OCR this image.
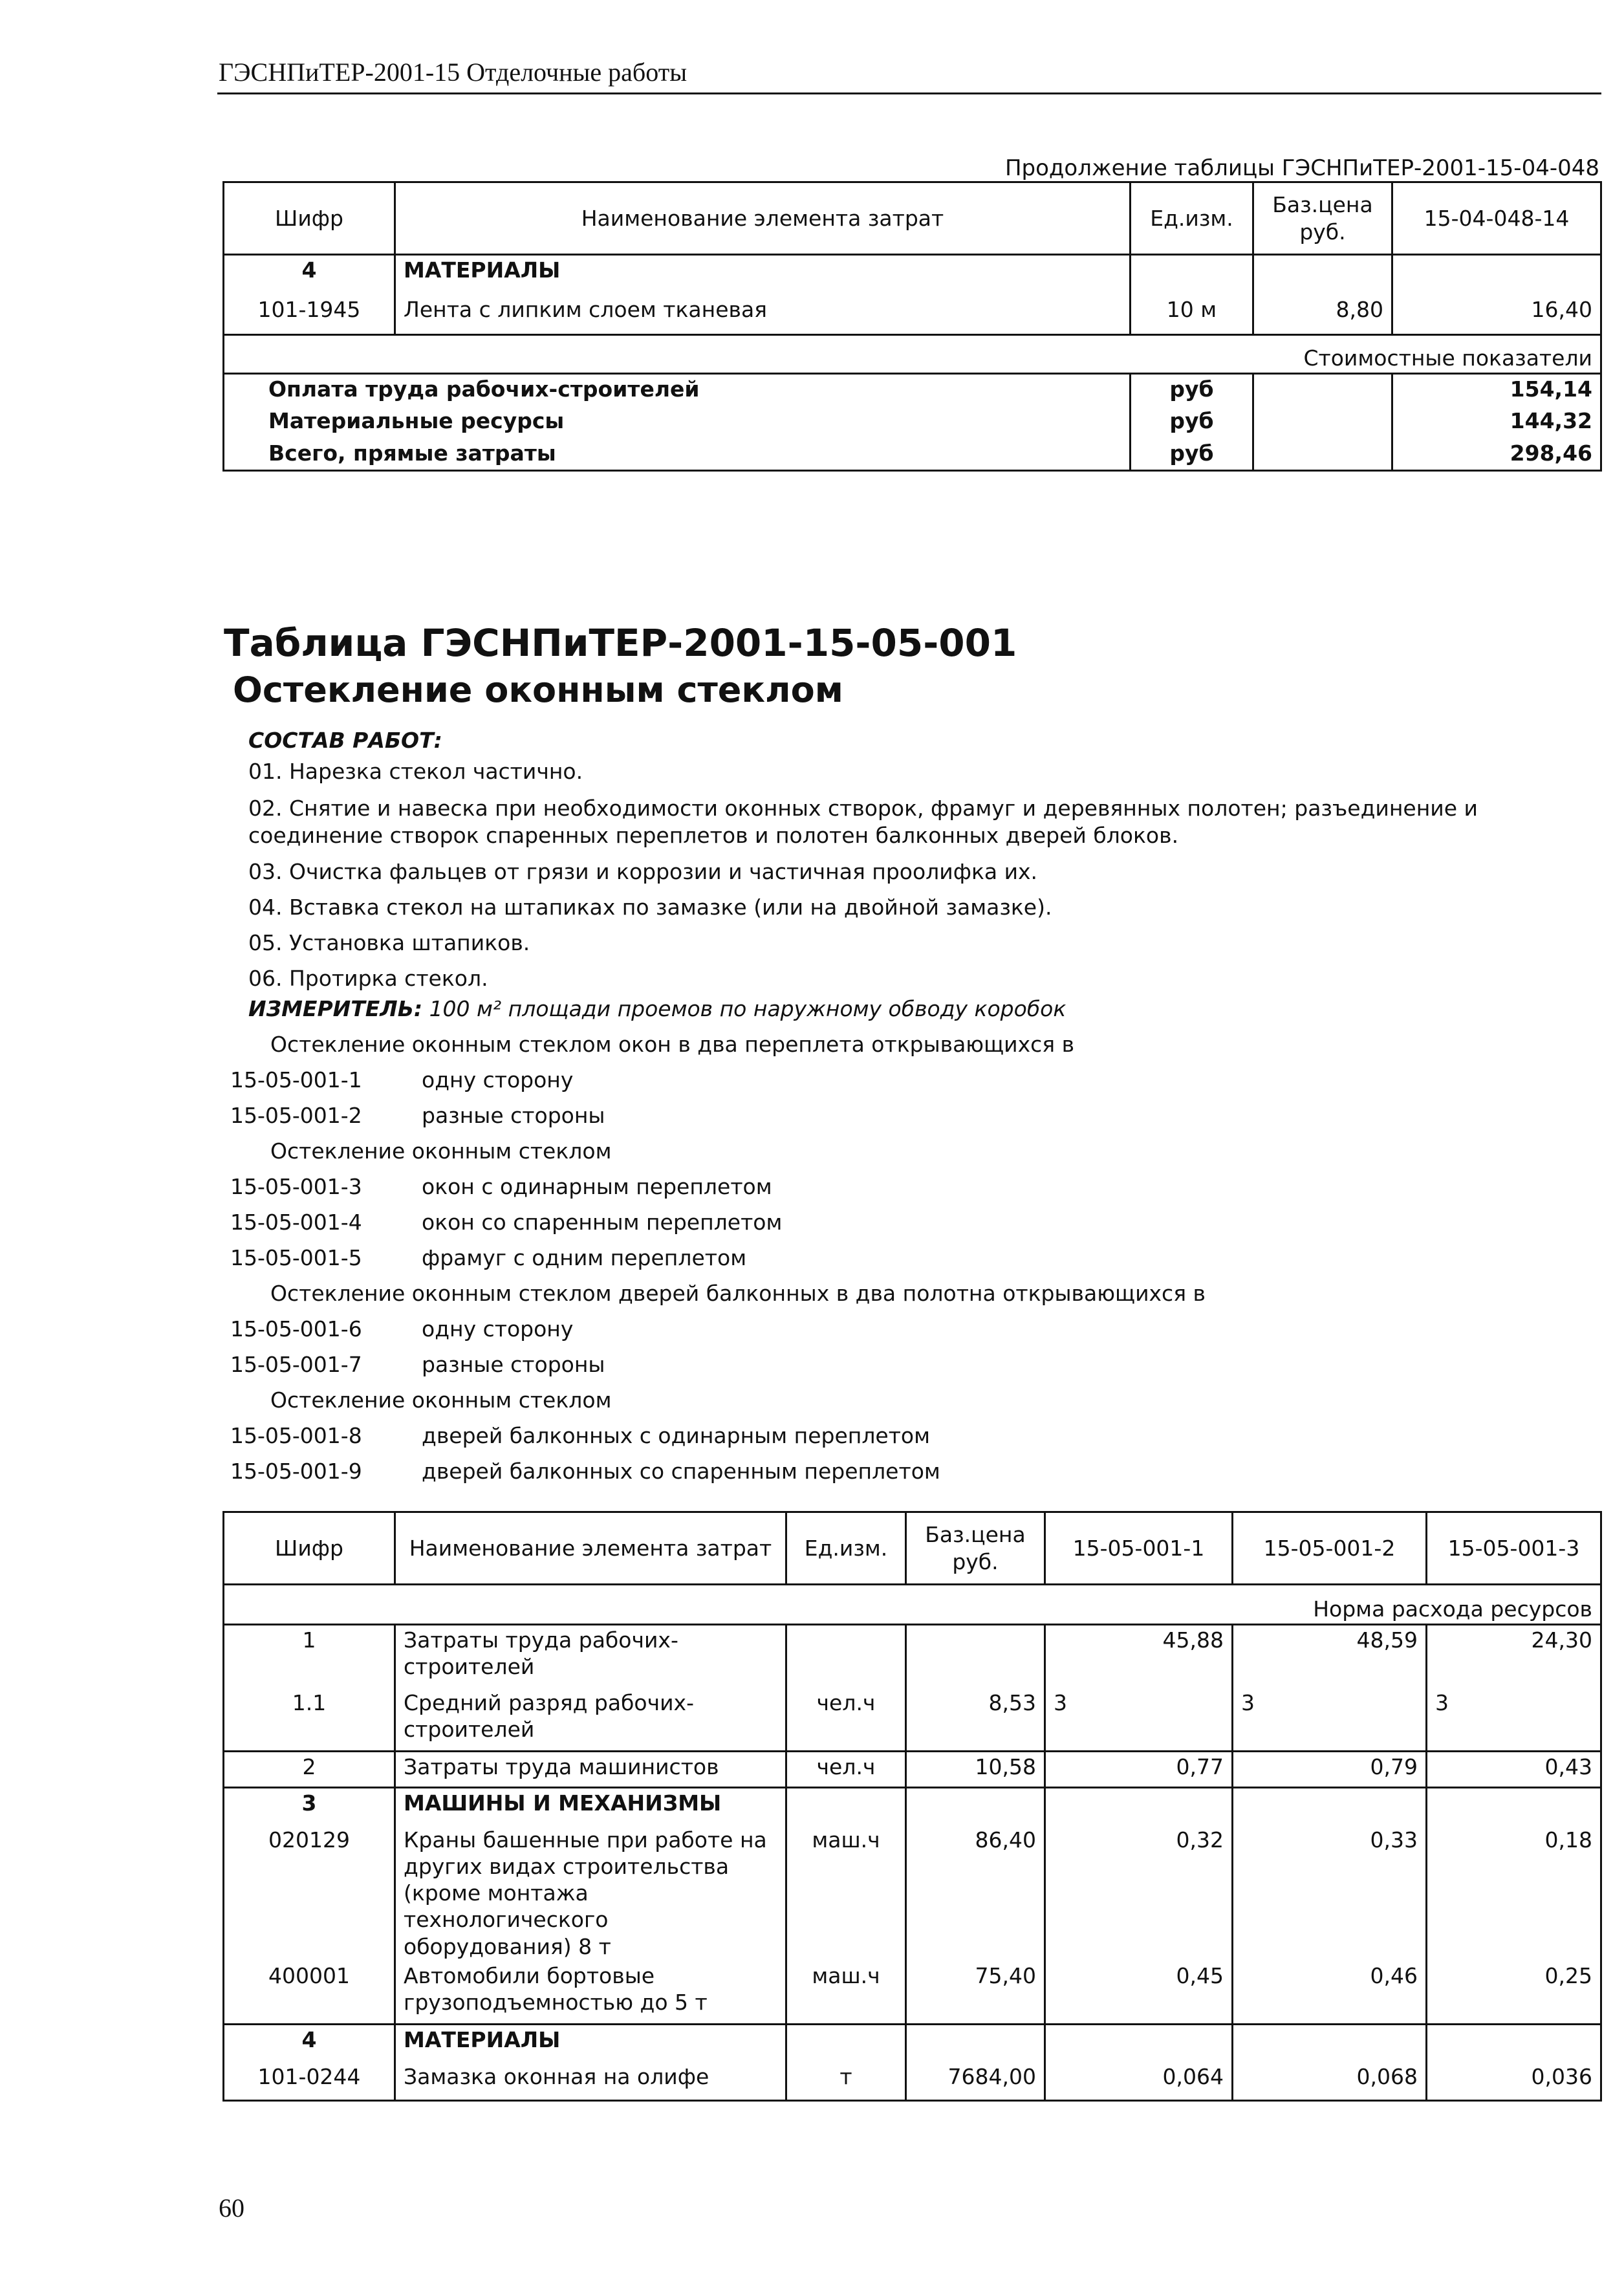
ГЭСНПиТЕР-2001-15 Отделочные работы
Продолжение таблицы ГЭСНПиТЕР-2001-15-04-048
Шифр	Наименование элемента затрат	Ед.изм.	Баз.цена руб.	15-04-048-14
4	МАТЕРИАЛЫ			
101-1945	Лента с липким слоем тканевая	10 м	8,80	16,40
Стоимостные показатели				
Оплата труда рабочих-строителей		руб		154,14
Материальные ресурсы		руб		144,32
Всего, прямые затраты		руб		298,46
Таблица ГЭСНПиТЕР-2001-15-05-001
Остекление оконным стеклом
СОСТАВ РАБОТ:
01. Нарезка стекол частично.
02. Снятие и навеска при необходимости оконных створок, фрамуг и деревянных полотен; разъединение и
соединение створок спаренных переплетов и полотен балконных дверей блоков.
03. Очистка фальцев от грязи и коррозии и частичная проолифка их.
04. Вставка стекол на штапиках по замазке (или на двойной замазке).
05. Установка штапиков.
06. Протирка стекол.
ИЗМЕРИТЕЛЬ: 100 м² площади проемов по наружному обводу коробок
Остекление оконным стеклом окон в два переплета открывающихся в
15-05-001-1	одну сторону
15-05-001-2	разные стороны
Остекление оконным стеклом
15-05-001-3	окон с одинарным переплетом
15-05-001-4	окон со спаренным переплетом
15-05-001-5	фрамуг с одним переплетом
Остекление оконным стеклом дверей балконных в два полотна открывающихся в
15-05-001-6	одну сторону
15-05-001-7	разные стороны
Остекление оконным стеклом
15-05-001-8	дверей балконных с одинарным переплетом
15-05-001-9	дверей балконных со спаренным переплетом
Шифр	Наименование элемента затрат	Ед.изм.	Баз.цена руб.	15-05-001-1	15-05-001-2	15-05-001-3
Норма расхода ресурсов						
1	Затраты труда рабочих-строителей			45,88	48,59	24,30
1.1	Средний разряд рабочих-строителей	чел.ч	8,53	3	3	3
2	Затраты труда машинистов	чел.ч	10,58	0,77	0,79	0,43
3	МАШИНЫ И МЕХАНИЗМЫ					
020129	Краны башенные при работе на других видах строительства (кроме монтажа технологического оборудования) 8 т	маш.ч	86,40	0,32	0,33	0,18
400001	Автомобили бортовые грузоподъемностью до 5 т	маш.ч	75,40	0,45	0,46	0,25
4	МАТЕРИАЛЫ					
101-0244	Замазка оконная на олифе	т	7684,00	0,064	0,068	0,036
60
